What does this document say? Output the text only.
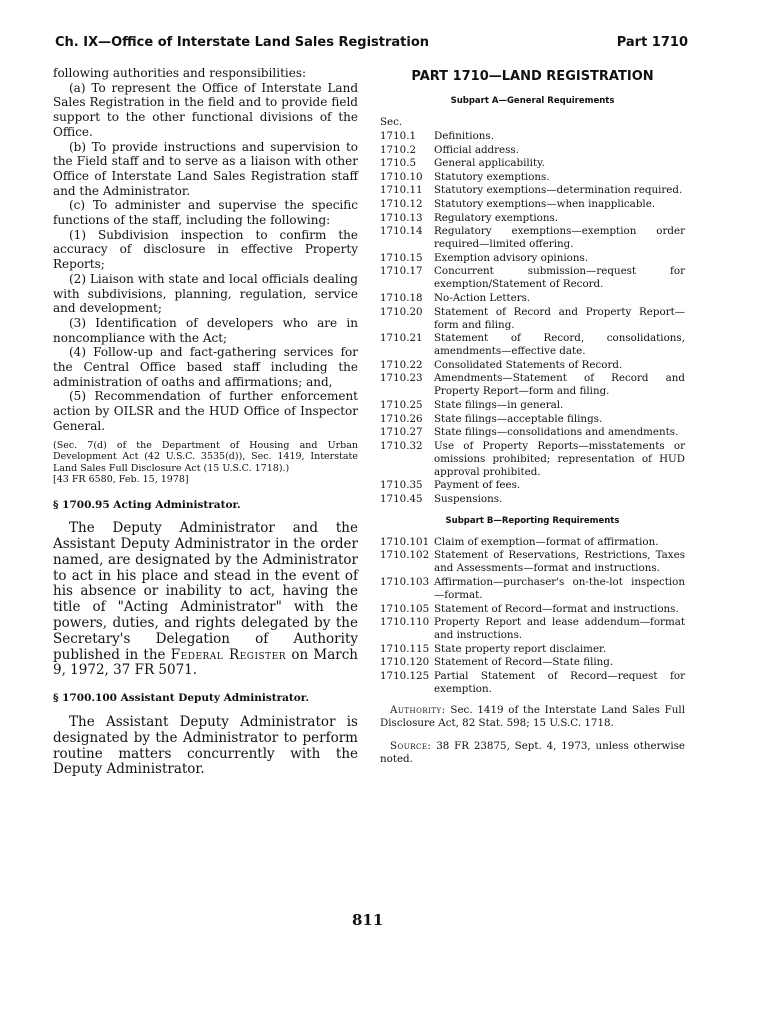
Ch. IX—Office of Interstate Land Sales Registration	Part 1710

following authorities and responsibilities:

(a) To represent the Office of Interstate Land Sales Registration in the field and to provide field support to the other functional divisions of the Office.

(b) To provide instructions and supervision to the Field staff and to serve as a liaison with other Office of Interstate Land Sales Registration staff and the Administrator.

(c) To administer and supervise the specific functions of the staff, including the following:

(1) Subdivision inspection to confirm the accuracy of disclosure in effective Property Reports;

(2) Liaison with state and local officials dealing with subdivisions, planning, regulation, service and development;

(3) Identification of developers who are in noncompliance with the Act;

(4) Follow-up and fact-gathering services for the Central Office based staff including the administration of oaths and affirmations; and,

(5) Recommendation of further enforcement action by OILSR and the HUD Office of Inspector General.

(Sec. 7(d) of the Department of Housing and Urban Development Act (42 U.S.C. 3535(d)), Sec. 1419, Interstate Land Sales Full Disclosure Act (15 U.S.C. 1718).)

[43 FR 6580, Feb. 15, 1978]

§ 1700.95 Acting Administrator.

The Deputy Administrator and the Assistant Deputy Administrator in the order named, are designated by the Administrator to act in his place and stead in the event of his absence or inability to act, having the title of "Acting Administrator" with the powers, duties, and rights delegated by the Secretary's Delegation of Authority published in the Federal Register on March 9, 1972, 37 FR 5071.

§ 1700.100 Assistant Deputy Administrator.

The Assistant Deputy Administrator is designated by the Administrator to perform routine matters concurrently with the Deputy Administrator.

PART 1710—LAND REGISTRATION
Subpart A—General Requirements
Sec.
1710.1	Definitions.
1710.2	Official address.
1710.5	General applicability.
1710.10	Statutory exemptions.
1710.11	Statutory exemptions—determination required.
1710.12	Statutory exemptions—when inapplicable.
1710.13	Regulatory exemptions.
1710.14	Regulatory exemptions—exemption order required—limited offering.
1710.15	Exemption advisory opinions.
1710.17	Concurrent submission—request for exemption/Statement of Record.
1710.18	No-Action Letters.
1710.20	Statement of Record and Property Report—form and filing.
1710.21	Statement of Record, consolidations, amendments—effective date.
1710.22	Consolidated Statements of Record.
1710.23	Amendments—Statement of Record and Property Report—form and filing.
1710.25	State filings—in general.
1710.26	State filings—acceptable filings.
1710.27	State filings—consolidations and amendments.
1710.32	Use of Property Reports—misstatements or omissions prohibited; representation of HUD approval prohibited.
1710.35	Payment of fees.
1710.45	Suspensions.
Subpart B—Reporting Requirements
1710.101 Claim of exemption—format of affirmation.
1710.102 Statement of Reservations, Restrictions, Taxes and Assessments—format and instructions.
1710.103 Affirmation—purchaser's on-the-lot inspection—format.
1710.105 Statement of Record—format and instructions.
1710.110 Property Report and lease addendum—format and instructions.
1710.115 State property report disclaimer.
1710.120 Statement of Record—State filing.
1710.125 Partial Statement of Record—request for exemption.

Authority: Sec. 1419 of the Interstate Land Sales Full Disclosure Act, 82 Stat. 598; 15 U.S.C. 1718.

Source: 38 FR 23875, Sept. 4, 1973, unless otherwise noted.

811
